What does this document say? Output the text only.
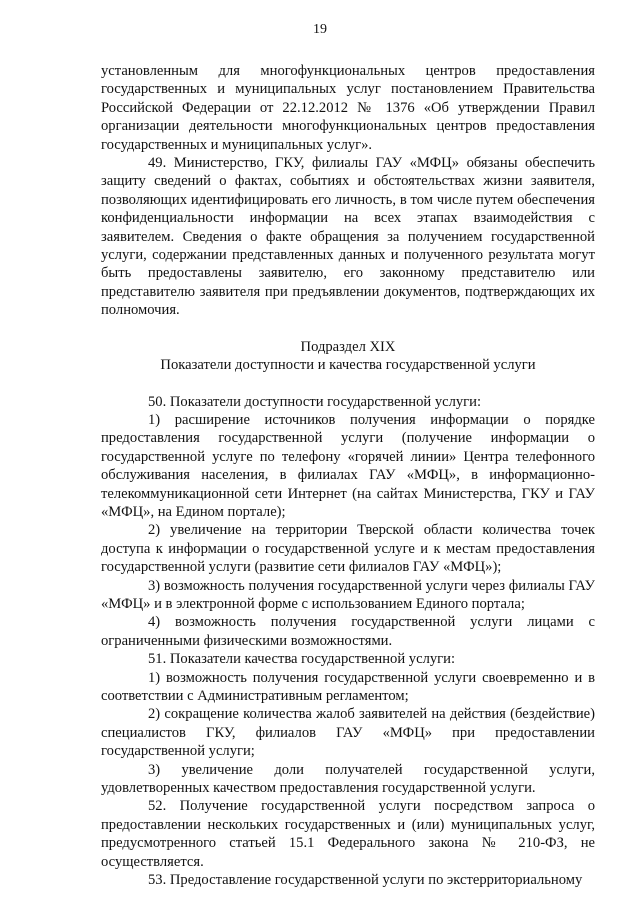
19

установленным для многофункциональных центров предоставления государственных и муниципальных услуг постановлением Правительства Российской Федерации от 22.12.2012 № 1376 «Об утверждении Правил организации деятельности многофункциональных центров предоставления государственных и муниципальных услуг».

49. Министерство, ГКУ, филиалы ГАУ «МФЦ» обязаны обеспечить защиту сведений о фактах, событиях и обстоятельствах жизни заявителя, позволяющих идентифицировать его личность, в том числе путем обеспечения конфиденциальности информации на всех этапах взаимодействия с заявителем. Сведения о факте обращения за получением государственной услуги, содержании представленных данных и полученного результата могут быть предоставлены заявителю, его законному представителю или представителю заявителя при предъявлении документов, подтверждающих их полномочия.

Подраздел XIX

Показатели доступности и качества государственной услуги

50. Показатели доступности государственной услуги:

1) расширение источников получения информации о порядке предоставления государственной услуги (получение информации о государственной услуге по телефону «горячей линии» Центра телефонного обслуживания населения, в филиалах ГАУ «МФЦ», в информационно-телекоммуникационной сети Интернет (на сайтах Министерства, ГКУ и ГАУ «МФЦ», на Едином портале);

2) увеличение на территории Тверской области количества точек доступа к информации о государственной услуге и к местам предоставления государственной услуги (развитие сети филиалов ГАУ «МФЦ»);

3) возможность получения государственной услуги через филиалы ГАУ «МФЦ» и в электронной форме с использованием Единого портала;

4) возможность получения государственной услуги лицами с ограниченными физическими возможностями.

51. Показатели качества государственной услуги:

1) возможность получения государственной услуги своевременно и в соответствии с Административным регламентом;

2) сокращение количества жалоб заявителей на действия (бездействие) специалистов ГКУ, филиалов ГАУ «МФЦ» при предоставлении государственной услуги;

3) увеличение доли получателей государственной услуги, удовлетворенных качеством предоставления государственной услуги.

52. Получение государственной услуги посредством запроса о предоставлении нескольких государственных и (или) муниципальных услуг, предусмотренного статьей 15.1 Федерального закона № 210-ФЗ, не осуществляется.

53. Предоставление государственной услуги по экстерриториальному
